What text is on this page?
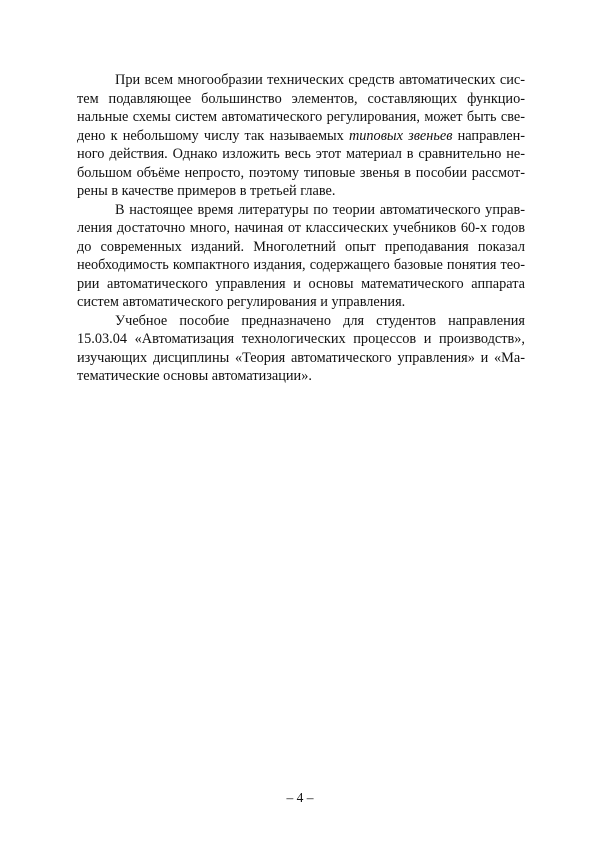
При всем многообразии технических средств автоматических сис-
тем подавляющее большинство элементов, составляющих функцио-
нальные схемы систем автоматического регулирования, может быть све-
дено к небольшому числу так называемых типовых звеньев направлен-
ного действия. Однако изложить весь этот материал в сравнительно не-
большом объёме непросто, поэтому типовые звенья в пособии рассмот-
рены в качестве примеров в третьей главе.
В настоящее время литературы по теории автоматического управ-
ления достаточно много, начиная от классических учебников 60-х годов
до современных изданий. Многолетний опыт преподавания показал
необходимость компактного издания, содержащего базовые понятия тео-
рии автоматического управления и основы математического аппарата
систем автоматического регулирования и управления.
Учебное пособие предназначено для студентов направления
15.03.04 «Автоматизация технологических процессов и производств»,
изучающих дисциплины «Теория автоматического управления» и «Ма-
тематические основы автоматизации».
– 4 –
